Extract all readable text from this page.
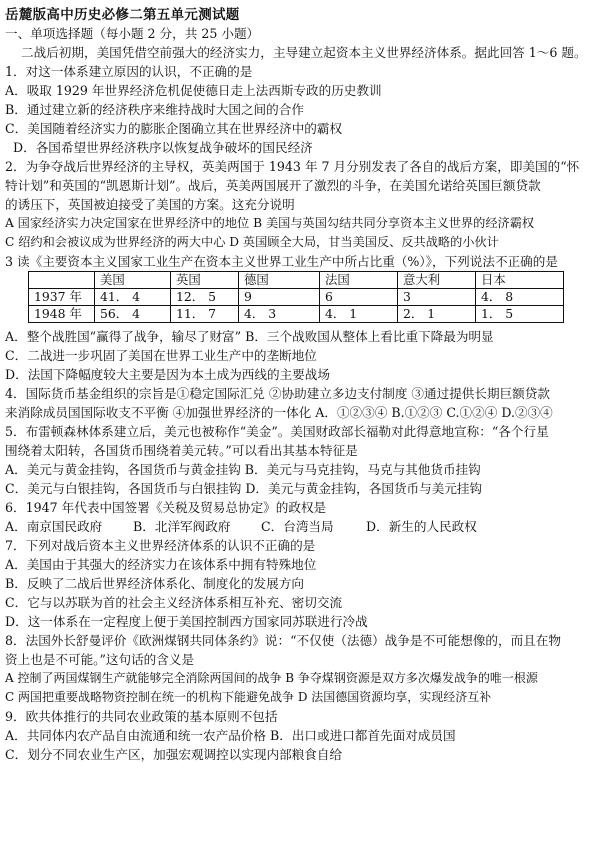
岳麓版高中历史必修二第五单元测试题
一、单项选择题（每小题 2 分，共 25 小题）
二战后初期，美国凭借空前强大的经济实力，主导建立起资本主义世界经济体系。据此回答 1～6 题。
1．对这一体系建立原因的认识，不正确的是
A．吸取 1929 年世界经济危机促使德日走上法西斯专政的历史教训
B．通过建立新的经济秩序来维持战时大国之间的合作
C．美国随着经济实力的膨胀企图确立其在世界经济中的霸权
D．各国希望世界经济秩序以恢复战争破坏的国民经济
2．为争夺战后世界经济的主导权，英美两国于 1943 年 7 月分别发表了各自的战后方案，即美国的“怀
特计划”和英国的“凯恩斯计划”。战后，英美两国展开了激烈的斗争，在美国允诺给英国巨额贷款
的诱压下，英国被迫接受了美国的方案。这充分说明
A 国家经济实力决定国家在世界经济中的地位 B 美国与英国勾结共同分享资本主义世界的经济霸权
C 绍约和会被议成为世界经济的两大中心 D 英国顾全大局，甘当美国反、反共战略的小伙计
3 读《主要资本主义国家工业生产在资本主义世界工业生产中所占比重（%）》，下列说法不正确的是
	美国	英国	德国	法国	意大利	日本
1937 年	41． 4	12． 5	9	6	3	4． 8
1948 年	56． 4	11． 7	4． 3	4． 1	2． 1	1． 5
A．整个战胜国“赢得了战争，输尽了财富” B．三个战败国从整体上看比重下降最为明显
C．二战进一步巩固了美国在世界工业生产中的垄断地位
D．法国下降幅度较大主要是因为本土成为西线的主要战场
4．国际货币基金组织的宗旨是①稳定国际汇兑 ②协助建立多边支付制度 ③通过提供长期巨额贷款
来消除成员国国际收支不平衡 ④加强世界经济的一体化 A．①②③④ B.①②③ C.①②④ D.②③④
5．布雷顿森林体系建立后，美元也被称作“美金”。美国财政部长福勒对此得意地宣称：“各个行星
围绕着太阳转，各国货币围绕着美元转。”可以看出其基本特征是
A．美元与黄金挂钩，各国货币与黄金挂钩 B．美元与马克挂钩，马克与其他货币挂钩
C．美元与白银挂钩，各国货币与白银挂钩 D．美元与黄金挂钩，各国货币与美元挂钩
6．1947 年代表中国签署《关税及贸易总协定》的政权是
A．南京国民政府 B．北洋军阀政府 C．台湾当局	D．新生的人民政权
7．下列对战后资本主义世界经济体系的认识不正确的是
A．美国由于其强大的经济实力在该体系中拥有特殊地位
B．反映了二战后世界经济体系化、制度化的发展方向
C．它与以苏联为首的社会主义经济体系相互补充、密切交流
D．这一体系在一定程度上便于美国控制西方国家同苏联进行冷战
8．法国外长舒曼评价《欧洲煤钢共同体条约》说：“不仅使（法德）战争是不可能想像的，而且在物
资上也是不可能。”这句话的含义是
A 控制了两国煤钢生产就能够完全消除两国间的战争 B 争夺煤钢资源是双方多次爆发战争的唯一根源
C 两国把重要战略物资控制在统一的机构下能避免战争 D 法国德国资源均享，实现经济互补
9．欧共体推行的共同农业政策的基本原则不包括
A．共同体内农产品自由流通和统一农产品价格 B．出口或进口都首先面对成员国
C．划分不同农业生产区，加强宏观调控以实现内部粮食自给
